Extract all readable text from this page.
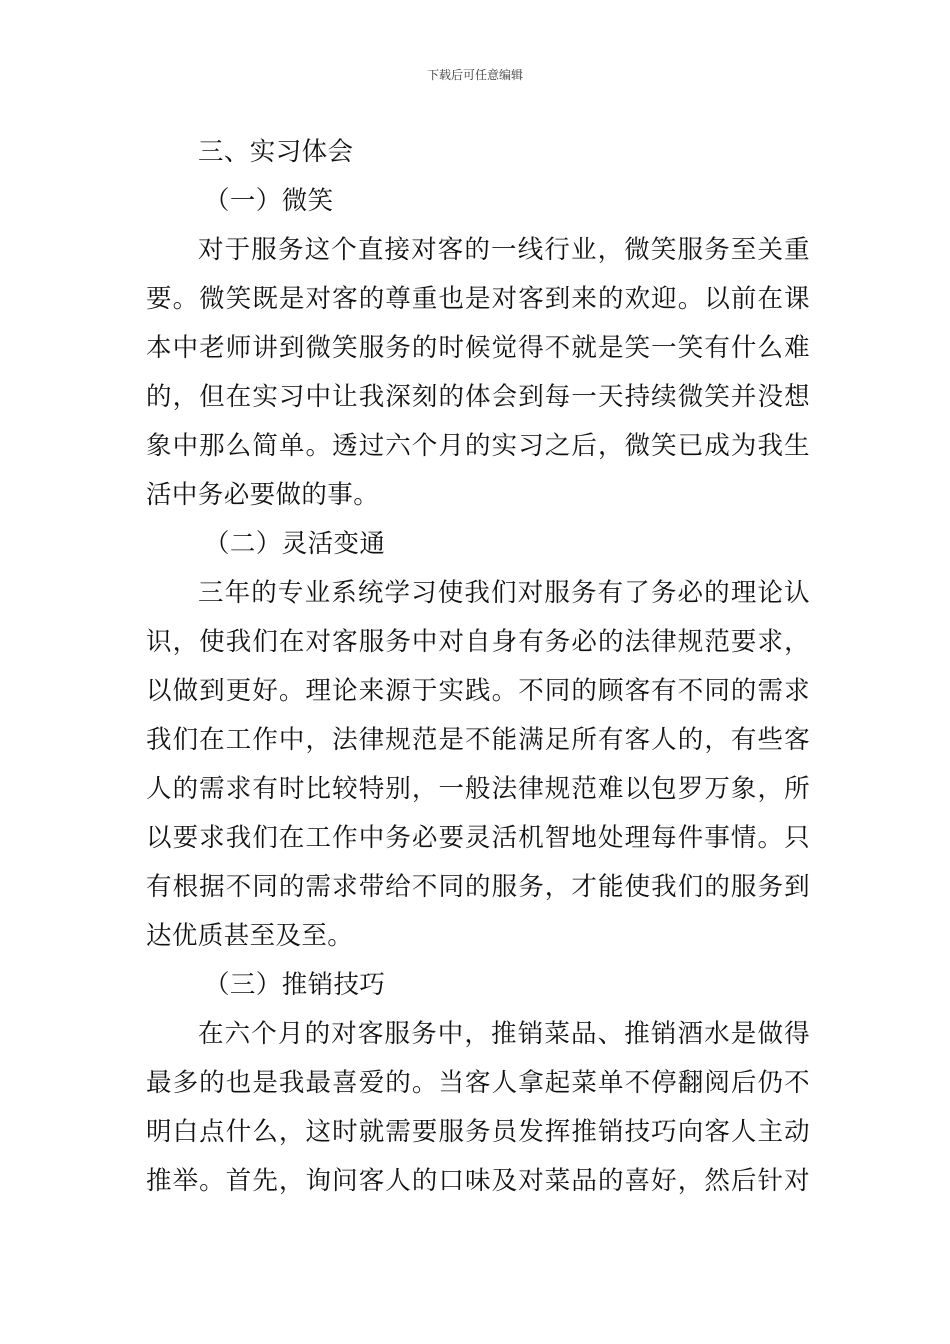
下载后可任意编辑
三、实习体会
（一）微笑
对于服务这个直接对客的一线行业，微笑服务至关重
要。微笑既是对客的尊重也是对客到来的欢迎。以前在课
本中老师讲到微笑服务的时候觉得不就是笑一笑有什么难
的，但在实习中让我深刻的体会到每一天持续微笑并没想
象中那么简单。透过六个月的实习之后，微笑已成为我生
活中务必要做的事。
（二）灵活变通
三年的专业系统学习使我们对服务有了务必的理论认
识，使我们在对客服务中对自身有务必的法律规范要求，
以做到更好。理论来源于实践。不同的顾客有不同的需求
我们在工作中，法律规范是不能满足所有客人的，有些客
人的需求有时比较特别，一般法律规范难以包罗万象，所
以要求我们在工作中务必要灵活机智地处理每件事情。只
有根据不同的需求带给不同的服务，才能使我们的服务到
达优质甚至及至。
（三）推销技巧
在六个月的对客服务中，推销菜品、推销酒水是做得
最多的也是我最喜爱的。当客人拿起菜单不停翻阅后仍不
明白点什么，这时就需要服务员发挥推销技巧向客人主动
推举。首先，询问客人的口味及对菜品的喜好，然后针对
